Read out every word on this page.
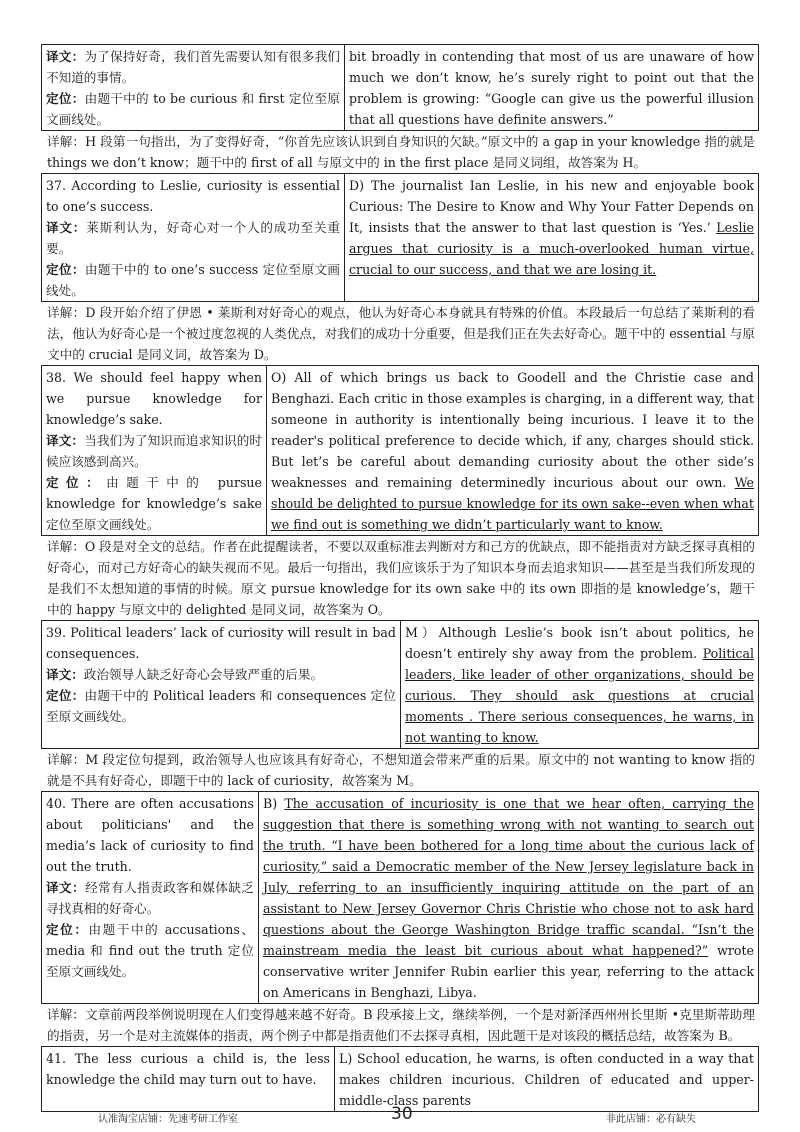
译文：为了保持好奇，我们首先需要认知有很多我们不知道的事情。
定位：由题干中的 to be curious 和 first 定位至原文画线处。
	bit broadly in contending that most of us are unaware of how much we don’t know, he’s surely right to point out that the problem is growing: “Google can give us the powerful illusion that all questions have definite answers.”
详解：H 段第一句指出，为了变得好奇，“你首先应该认识到自身知识的欠缺。”原文中的 a gap in your knowledge 指的就是 things we don’t know；题干中的 first of all 与原文中的 in the first place 是同义词组，故答案为 H。
37. According to Leslie, curiosity is essential to one’s success.
译文：莱斯利认为，好奇心对一个人的成功至关重要。
定位：由题干中的 to one’s success 定位至原文画线处。
	D) The journalist Ian Leslie, in his new and enjoyable book Curious: The Desire to Know and Why Your Fatter Depends on It, insists that the answer to that last question is ‘Yes.’ Leslie argues that curiosity is a much-overlooked human virtue, crucial to our success, and that we are losing it.
详解：D 段开始介绍了伊恩 • 莱斯利对好奇心的观点，他认为好奇心本身就具有特殊的价值。本段最后一句总结了莱斯利的看法，他认为好奇心是一个被过度忽视的人类优点，对我们的成功十分重要，但是我们正在失去好奇心。题干中的 essential 与原文中的 crucial 是同义词，故答案为 D。
38. We should feel happy when we pursue knowledge for knowledge’s sake.
译文：当我们为了知识而追求知识的时候应该感到高兴。
定位：由题干中的 pursue knowledge for knowledge’s sake 定位至原文画线处。
	O) All of which brings us back to Goodell and the Christie case and Benghazi. Each critic in those examples is charging, in a different way, that someone in authority is intentionally being incurious. I leave it to the reader's political preference to decide which, if any, charges should stick. But let’s be careful about demanding curiosity about the other side’s weaknesses and remaining determinedly incurious about our own. We should be delighted to pursue knowledge for its own sake--even when what we find out is something we didn’t particularly want to know.
详解：O 段是对全文的总结。作者在此提醒读者，不要以双重标准去判断对方和己方的优缺点，即不能指责对方缺乏探寻真相的好奇心，而对己方好奇心的缺失视而不见。最后一句指出，我们应该乐于为了知识本身而去追求知识——甚至是当我们所发现的是我们不太想知道的事情的时候。原文 pursue knowledge for its own sake 中的 its own 即指的是 knowledge’s，题干中的 happy 与原文中的 delighted 是同义词，故答案为 O。
39. Political leaders’ lack of curiosity will result in bad consequences.
译文：政治领导人缺乏好奇心会导致严重的后果。
定位：由题干中的 Political leaders 和 consequences 定位至原文画线处。
	M）Although Leslie’s book isn’t about politics, he doesn’t entirely shy away from the problem. Political leaders, like leader of other organizations, should be curious. They should ask questions at crucial moments . There serious consequences, he warns, in not wanting to know.
详解：M 段定位句提到，政治领导人也应该具有好奇心，不想知道会带来严重的后果。原文中的 not wanting to know 指的就是不具有好奇心，即题干中的 lack of curiosity，故答案为 M。
40. There are often accusations about politicians' and the media’s lack of curiosity to find out the truth.
译文：经常有人指责政客和媒体缺乏寻找真相的好奇心。
定位：由题干中的 accusations、media 和 find out the truth 定位至原文画线处。
	B) The accusation of incuriosity is one that we hear often, carrying the suggestion that there is something wrong with not wanting to search out the truth. “I have been bothered for a long time about the curious lack of curiosity,” said a Democratic member of the New Jersey legislature back in July, referring to an insufficiently inquiring attitude on the part of an assistant to New Jersey Governor Chris Christie who chose not to ask hard questions about the George Washington Bridge traffic scandal. “Isn’t the mainstream media the least bit curious about what happened?” wrote conservative writer Jennifer Rubin earlier this year, referring to the attack on Americans in Benghazi, Libya.
详解：文章前两段举例说明现在人们变得越来越不好奇。B 段承接上文，继续举例，一个是对新泽西州州长里斯 •克里斯蒂助理的指责，另一个是对主流媒体的指责，两个例子中都是指责他们不去探寻真相，因此题干是对该段的概括总结，故答案为 B。
41. The less curious a child is, the less knowledge the child may turn out to have.	L) School education, he warns, is often conducted in a way that makes children incurious. Children of educated and upper-middle-class parents
认准淘宝店铺：先速考研工作室	30	非此店铺：必有缺失
